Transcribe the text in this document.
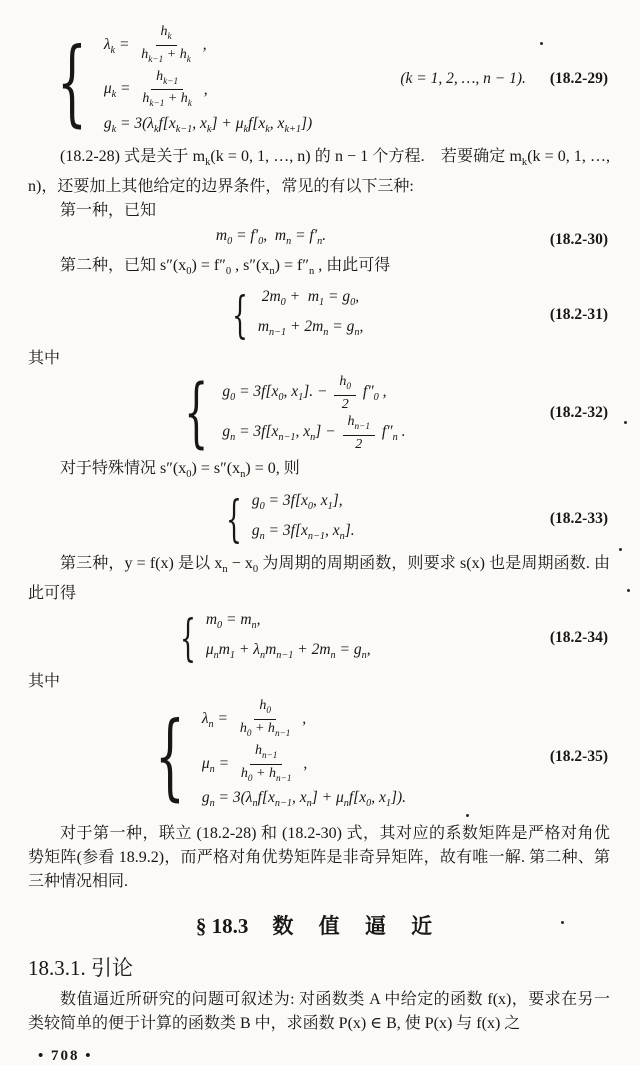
{ $\lambda_k = \frac{h_k}{h_{k-1} + h_k}$ ,
$\mu_k = \frac{h_{k-1}}{h_{k-1} + h_k}$ ,
$g_k = 3(\lambda_kf[x_{k-1}$, $x_k] + \mu_kf[x_k$, $x_{k+1}$])
(k = 1, 2, …, n − 1). (18.2-29)

(18.2-28) 式是关于 $m_k(k = 0$, 1, …, n) 的 n − 1 个方程.　若要确定 $m_k(k = 0$, 1, …, n)，还要加上其他给定的边界条件，常见的有以下三种:

第一种，已知

$m_0 = f'_0$,  $m_n = f'_n$.	(18.2-30)

第二种，已知 $s''(x_0) = f''_0$ , $s''(x_n) = f''_n$ , 由此可得

{ $2m_0 + m_1 = g_0$,
$m_{n-1} + 2m_n = g_n$,
(18.2-31)

其中

{ $g_0 = 3f[x_0$, $x_1$]. − $\frac{h_0}{2} f''_0$ ,
$g_n = 3f[x_{n-1}$, $x_n] - \frac{h_{n-1}}{2} f''_n$ .
(18.2-32)

对于特殊情况 $s''(x_0) = s''(x_n) = 0$, 则

{ $g_0 = 3f[x_0$, $x_1$],
$g_n = 3f[x_{n-1}$, $x_n$].
(18.2-33)

第三种，y = f(x) 是以 $x_n - x_0$ 为周期的周期函数，则要求 s(x) 也是周期函数. 由此可得

{ $m_0 = m_n$,
$\mu_nm_1 + \lambda_nm_{n-1} + 2m_n = g_n$,
(18.2-34)

其中

{ $\lambda_n = \frac{h_0}{h_0 + h_{n-1}}$ ,
$\mu_n = \frac{h_{n-1}}{h_0 + h_{n-1}}$ ,
$g_n = 3(\lambda_nf[x_{n-1}$, $x_n] + \mu_nf[x_0$, $x_1$]).
(18.2-35)

对于第一种，联立 (18.2-28) 和 (18.2-30) 式，其对应的系数矩阵是严格对角优势矩阵(参看 18.9.2)，而严格对角优势矩阵是非奇异矩阵，故有唯一解. 第二种、第三种情况相同.

§ 18.3 数 值 逼 近
18.3.1. 引论

数值逼近所研究的问题可叙述为: 对函数类 A 中给定的函数 f(x)，要求在另一类较简单的便于计算的函数类 B 中，求函数 P(x) ∈ B, 使 P(x) 与 f(x) 之

• 708 •
